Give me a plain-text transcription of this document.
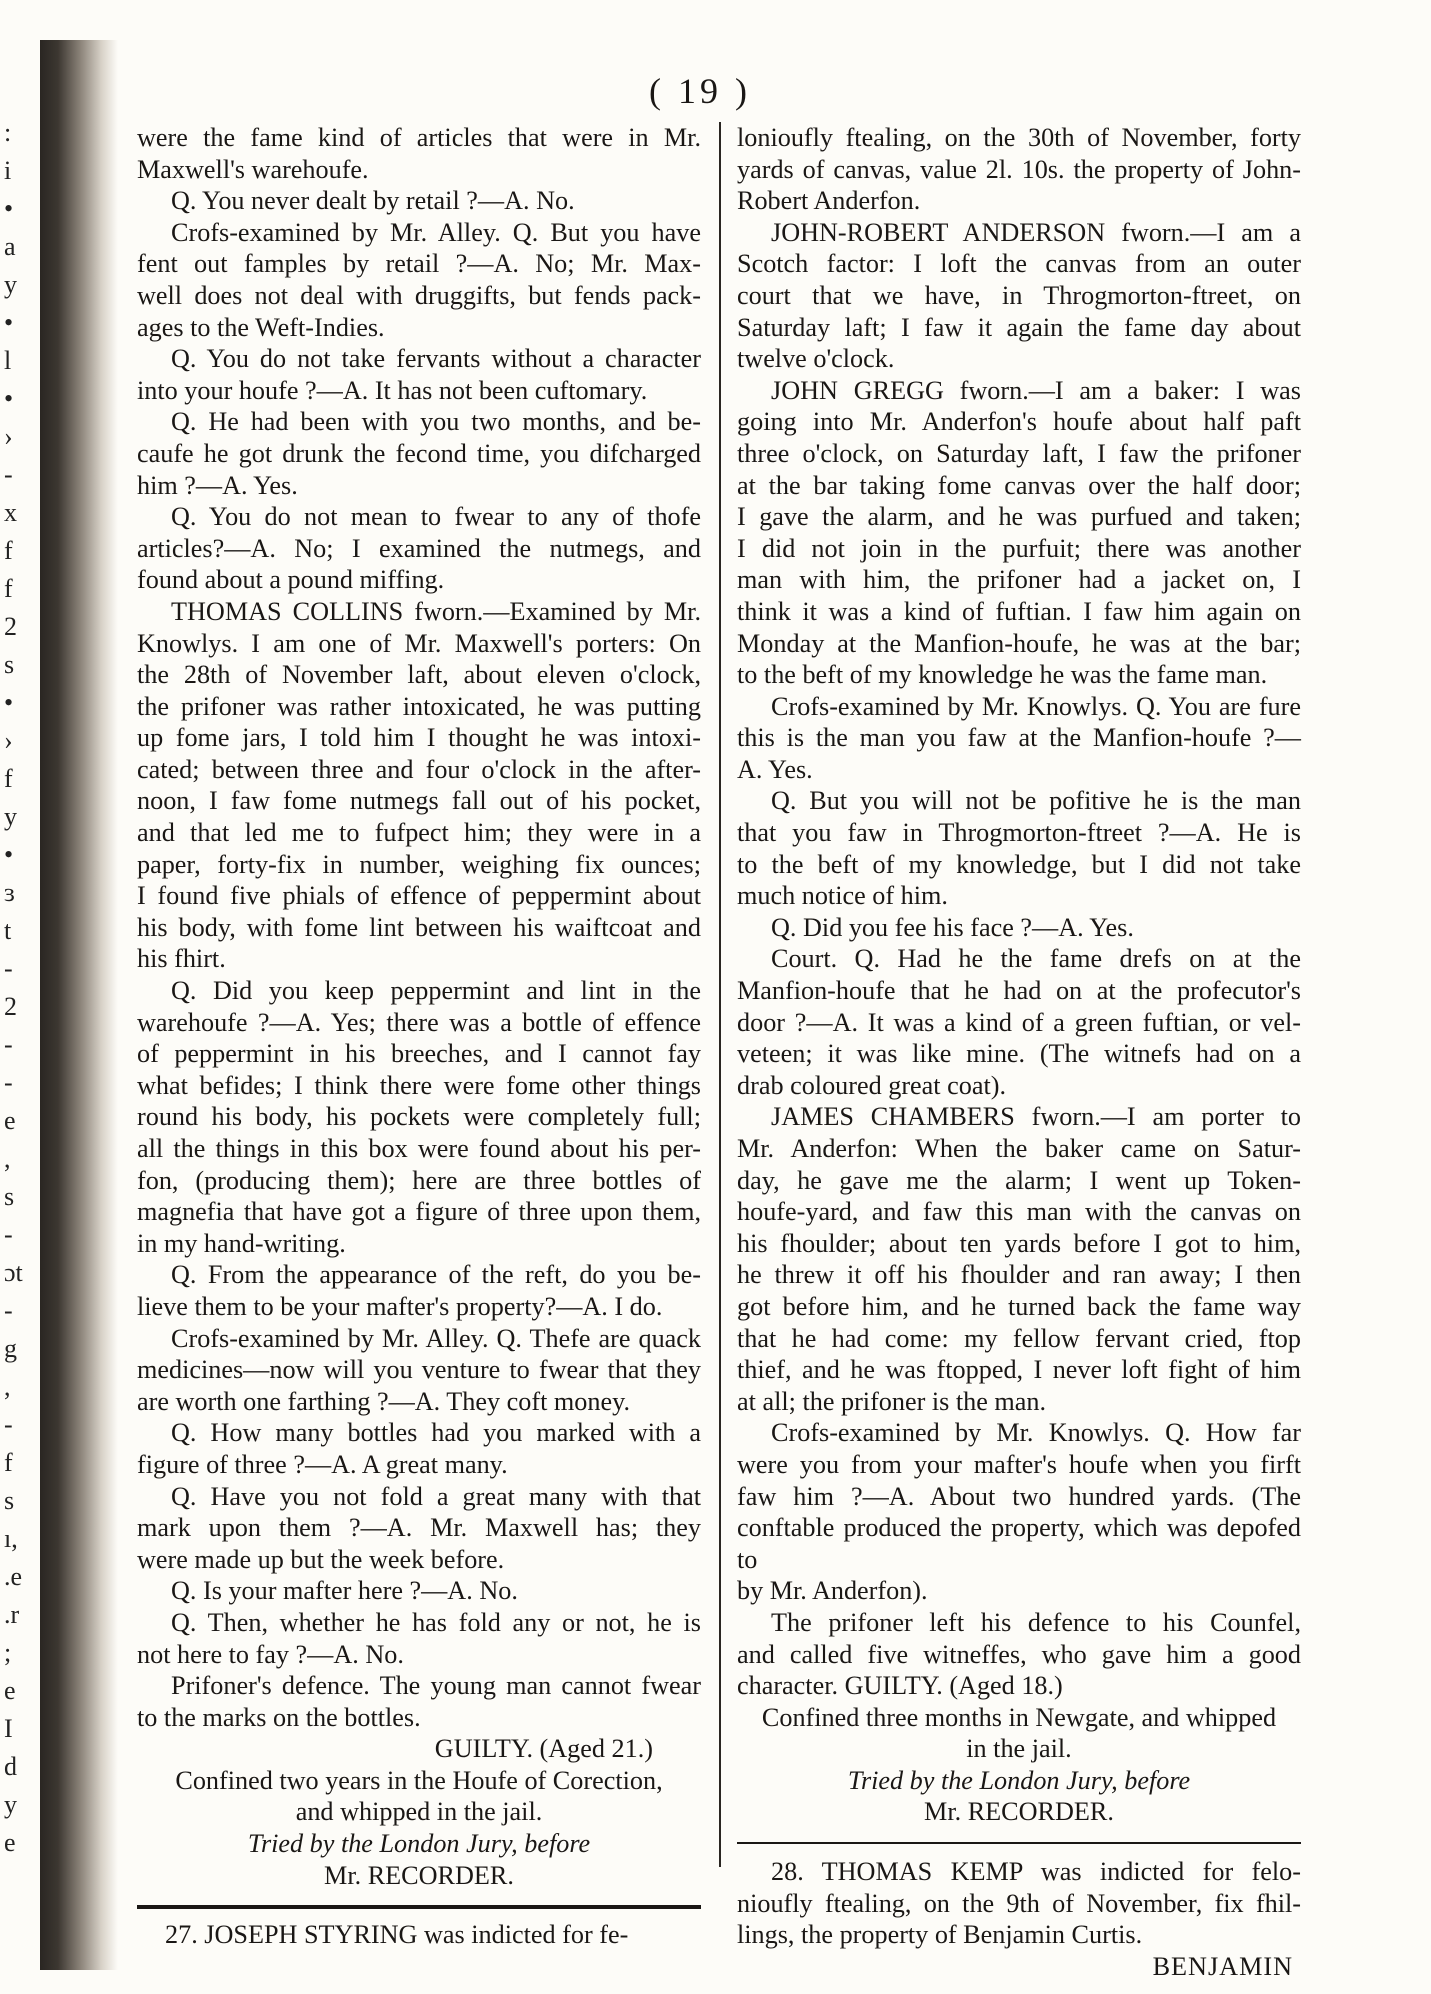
:
i
•
a
y
•
l
•
›
-
x
f
f
2
s
•
›
f
y
•
ɜ
t
-
2
-
-
e
,
s
-
ɔt
-
g
,
-
f
s
ı,
.e
.r
;
e
I
d
y
e
( 19 )

were the fame kind of articles that were in Mr.

Maxwell's warehoufe.

Q. You never dealt by retail ?—A. No.

Crofs-examined by Mr. Alley. Q. But you have

fent out famples by retail ?—A. No; Mr. Max-

well does not deal with druggifts, but fends pack-

ages to the Weft-Indies.

Q. You do not take fervants without a character

into your houfe ?—A. It has not been cuftomary.

Q. He had been with you two months, and be-

caufe he got drunk the fecond time, you difcharged

him ?—A. Yes.

Q. You do not mean to fwear to any of thofe

articles?—A. No; I examined the nutmegs, and

found about a pound miffing.

THOMAS COLLINS fworn.—Examined by Mr.

Knowlys. I am one of Mr. Maxwell's porters: On

the 28th of November laft, about eleven o'clock,

the prifoner was rather intoxicated, he was putting

up fome jars, I told him I thought he was intoxi-

cated; between three and four o'clock in the after-

noon, I faw fome nutmegs fall out of his pocket,

and that led me to fufpect him; they were in a

paper, forty-fix in number, weighing fix ounces;

I found five phials of effence of peppermint about

his body, with fome lint between his waiftcoat and

his fhirt.

Q. Did you keep peppermint and lint in the

warehoufe ?—A. Yes; there was a bottle of effence

of peppermint in his breeches, and I cannot fay

what befides; I think there were fome other things

round his body, his pockets were completely full;

all the things in this box were found about his per-

fon, (producing them); here are three bottles of

magnefia that have got a figure of three upon them,

in my hand-writing.

Q. From the appearance of the reft, do you be-

lieve them to be your mafter's property?—A. I do.

Crofs-examined by Mr. Alley. Q. Thefe are quack

medicines—now will you venture to fwear that they

are worth one farthing ?—A. They coft money.

Q. How many bottles had you marked with a

figure of three ?—A. A great many.

Q. Have you not fold a great many with that

mark upon them ?—A. Mr. Maxwell has; they

were made up but the week before.

Q. Is your mafter here ?—A. No.

Q. Then, whether he has fold any or not, he is

not here to fay ?—A. No.

Prifoner's defence. The young man cannot fwear

to the marks on the bottles.

GUILTY. (Aged 21.)

Confined two years in the Houfe of Corection,

and whipped in the jail.

Tried by the London Jury, before

Mr. RECORDER.

27. JOSEPH STYRING was indicted for fe-

lonioufly ftealing, on the 30th of November, forty

yards of canvas, value 2l. 10s. the property of John-

Robert Anderfon.

JOHN-ROBERT ANDERSON fworn.—I am a

Scotch factor: I loft the canvas from an outer

court that we have, in Throgmorton-ftreet, on

Saturday laft; I faw it again the fame day about

twelve o'clock.

JOHN GREGG fworn.—I am a baker: I was

going into Mr. Anderfon's houfe about half paft

three o'clock, on Saturday laft, I faw the prifoner

at the bar taking fome canvas over the half door;

I gave the alarm, and he was purfued and taken;

I did not join in the purfuit; there was another

man with him, the prifoner had a jacket on, I

think it was a kind of fuftian. I faw him again on

Monday at the Manfion-houfe, he was at the bar;

to the beft of my knowledge he was the fame man.

Crofs-examined by Mr. Knowlys. Q. You are fure

this is the man you faw at the Manfion-houfe ?—

A. Yes.

Q. But you will not be pofitive he is the man

that you faw in Throgmorton-ftreet ?—A. He is

to the beft of my knowledge, but I did not take

much notice of him.

Q. Did you fee his face ?—A. Yes.

Court. Q. Had he the fame drefs on at the

Manfion-houfe that he had on at the profecutor's

door ?—A. It was a kind of a green fuftian, or vel-

veteen; it was like mine. (The witnefs had on a

drab coloured great coat).

JAMES CHAMBERS fworn.—I am porter to

Mr. Anderfon: When the baker came on Satur-

day, he gave me the alarm; I went up Token-

houfe-yard, and faw this man with the canvas on

his fhoulder; about ten yards before I got to him,

he threw it off his fhoulder and ran away; I then

got before him, and he turned back the fame way

that he had come: my fellow fervant cried, ftop

thief, and he was ftopped, I never loft fight of him

at all; the prifoner is the man.

Crofs-examined by Mr. Knowlys. Q. How far

were you from your mafter's houfe when you firft

faw him ?—A. About two hundred yards. (The

conftable produced the property, which was depofed to

by Mr. Anderfon).

The prifoner left his defence to his Counfel,

and called five witneffes, who gave him a good

character. GUILTY. (Aged 18.)

Confined three months in Newgate, and whipped

in the jail.

Tried by the London Jury, before

Mr. RECORDER.

28. THOMAS KEMP was indicted for felo-

nioufly ftealing, on the 9th of November, fix fhil-

lings, the property of Benjamin Curtis.

BENJAMIN
